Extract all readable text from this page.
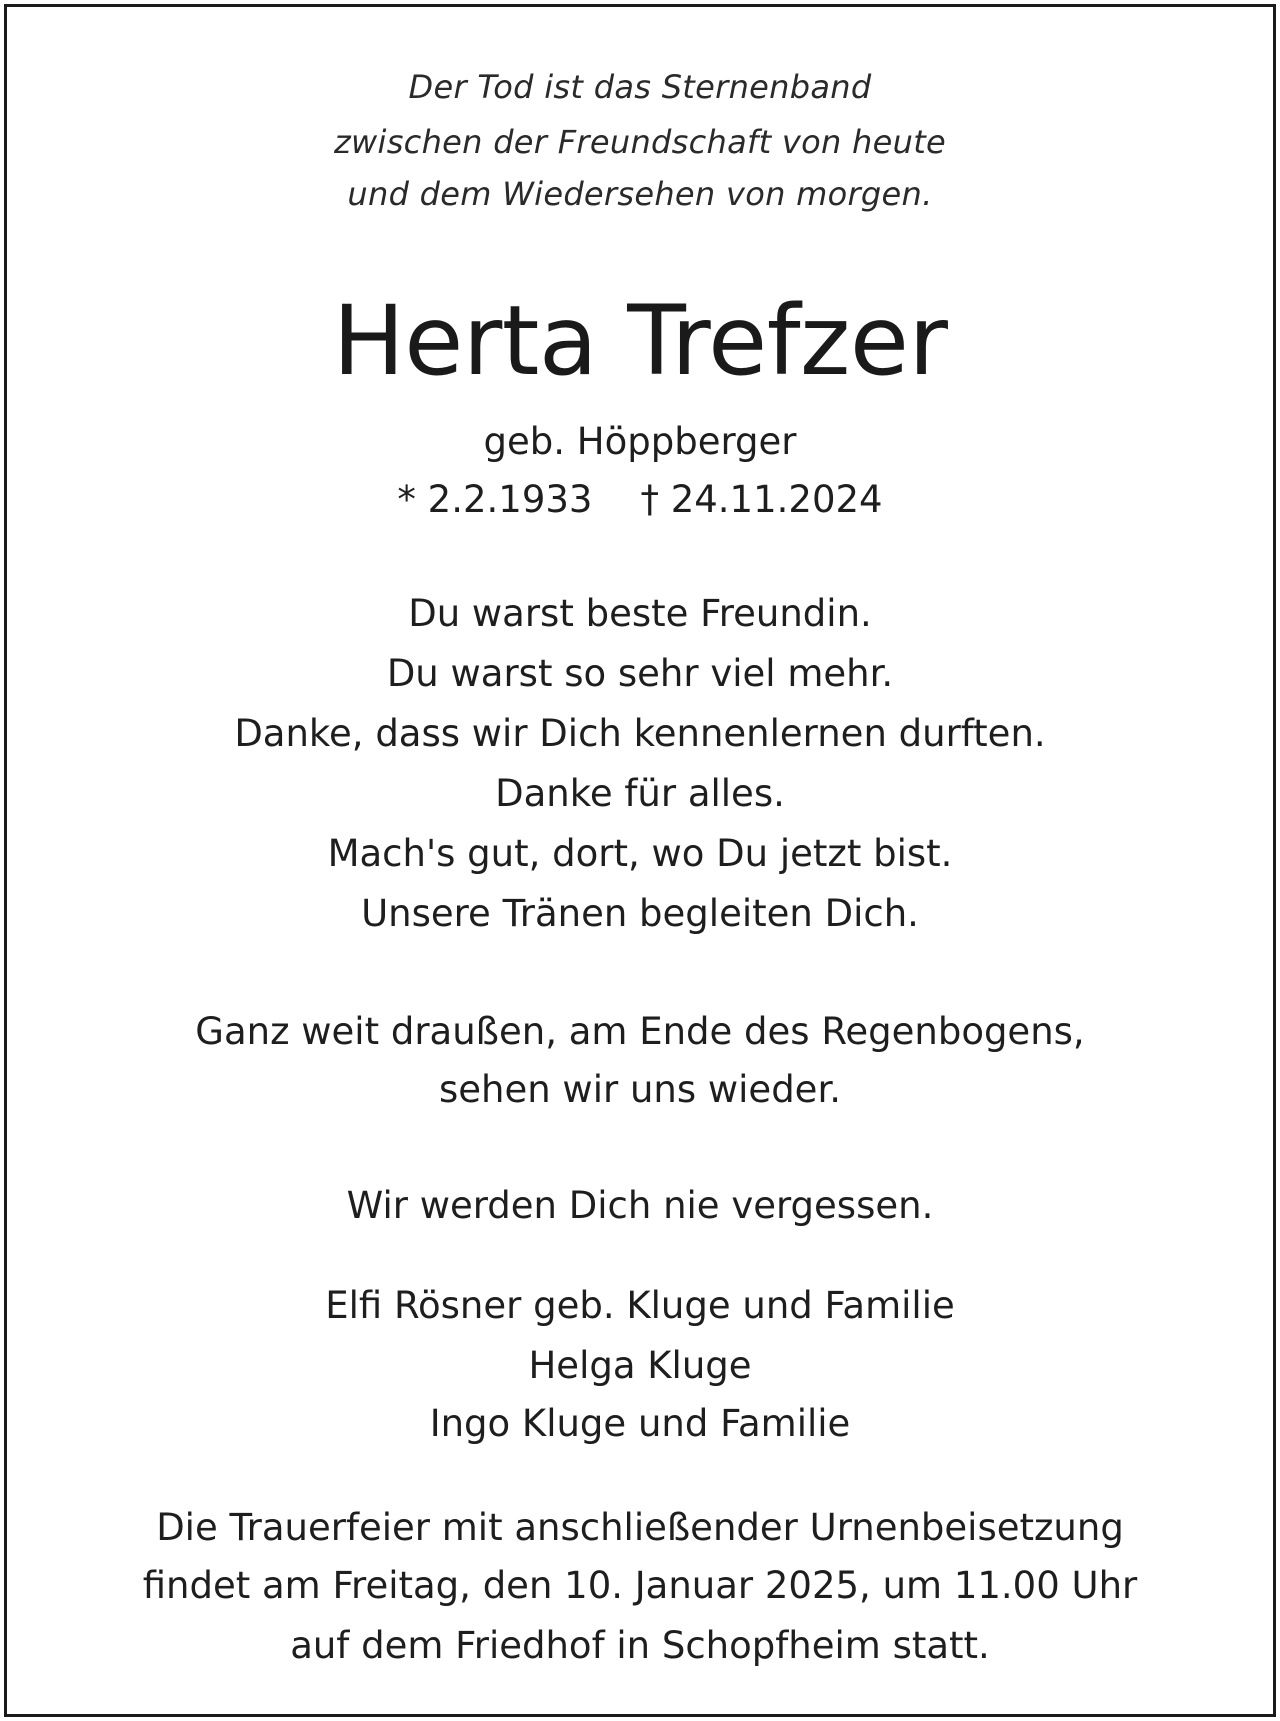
Der Tod ist das Sternenband
zwischen der Freundschaft von heute
und dem Wiedersehen von morgen.
Herta Trefzer
geb. Höppberger
* 2.2.1933 † 24.11.2024
Du warst beste Freundin.
Du warst so sehr viel mehr.
Danke, dass wir Dich kennenlernen durften.
Danke für alles.
Mach's gut, dort, wo Du jetzt bist.
Unsere Tränen begleiten Dich.
Ganz weit draußen, am Ende des Regenbogens,
sehen wir uns wieder.
Wir werden Dich nie vergessen.
Elfi Rösner geb. Kluge und Familie
Helga Kluge
Ingo Kluge und Familie
Die Trauerfeier mit anschließender Urnenbeisetzung
findet am Freitag, den 10. Januar 2025, um 11.00 Uhr
auf dem Friedhof in Schopfheim statt.
